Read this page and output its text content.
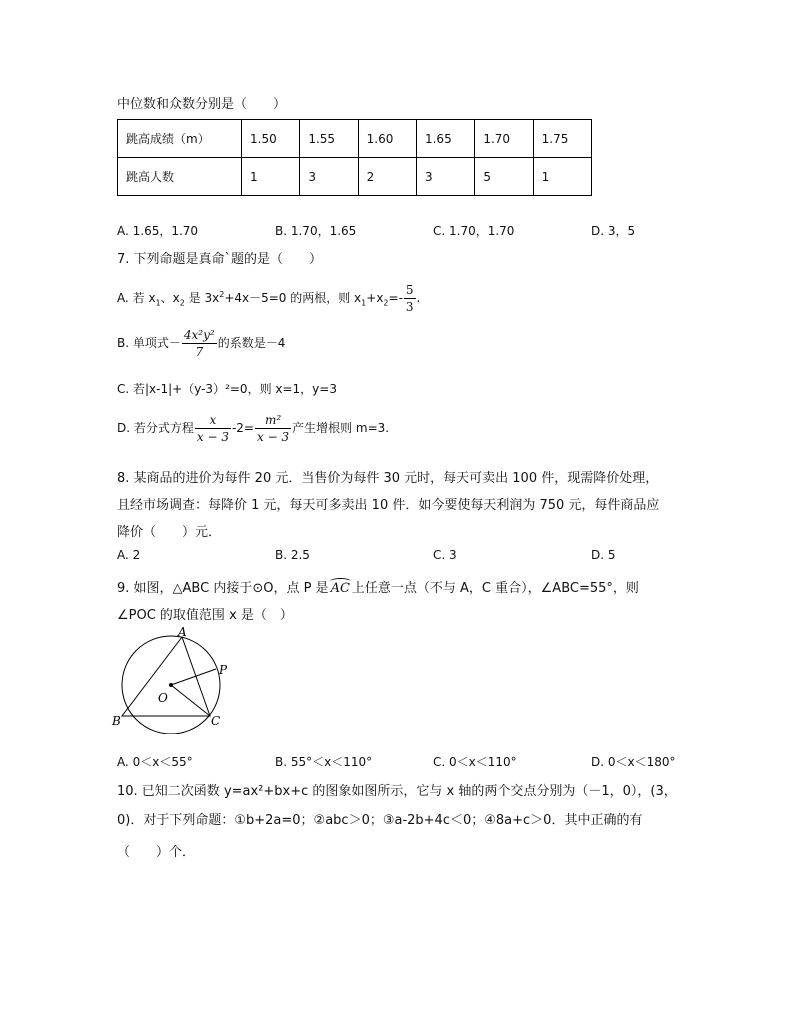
中位数和众数分别是（　　）
跳高成绩（m）	1.50	1.55	1.60	1.65	1.70	1.75
跳高人数	1	3	2	3	5	1
A. 1.65，1.70	B. 1.70，1.65	C. 1.70，1.70	D. 3，5
7. 下列命题是真命`题的是（　　）
A. 若 $x_1$、$x_2$ 是 $3x^2+4x-5=0$ 的两根，则 $x_1+x_2=- \frac{5}{3}$ .
B. 单项式－ $\frac{\text{4x²y²}}{7}$ 的系数是－4
C. 若|x-1|+（y-3）²=0，则 x=1，y=3
D. 若分式方程 $\frac{x}{x - 3} -2= \frac{\text{m²}}{x - 3}$ 产生增根则 m=3.
8. 某商品的进价为每件 20 元．当售价为每件 30 元时，每天可卖出 100 件，现需降价处理，
且经市场调查：每降价 1 元，每天可多卖出 10 件．如今要使每天利润为 750 元，每件商品应
降价（　　）元．
A. 2	B. 2.5	C. 3	D. 5
9. 如图，△ABC 内接于⊙O，点 P 是 AC 上任意一点（不与 A，C 重合），∠ABC=55°，则
∠POC 的取值范围 x 是（　）
A
B	C
O
P
A. 0＜x＜55°	B. 55°＜x＜110°	C. 0＜x＜110°	D. 0＜x＜180°
10. 已知二次函数 y=ax²+bx+c 的图象如图所示，它与 x 轴的两个交点分别为（－1，0），(3，
0)．对于下列命题：①b+2a=0；②abc＞0；③a-2b+4c＜0；④8a+c＞0．其中正确的有
（　　）个．
